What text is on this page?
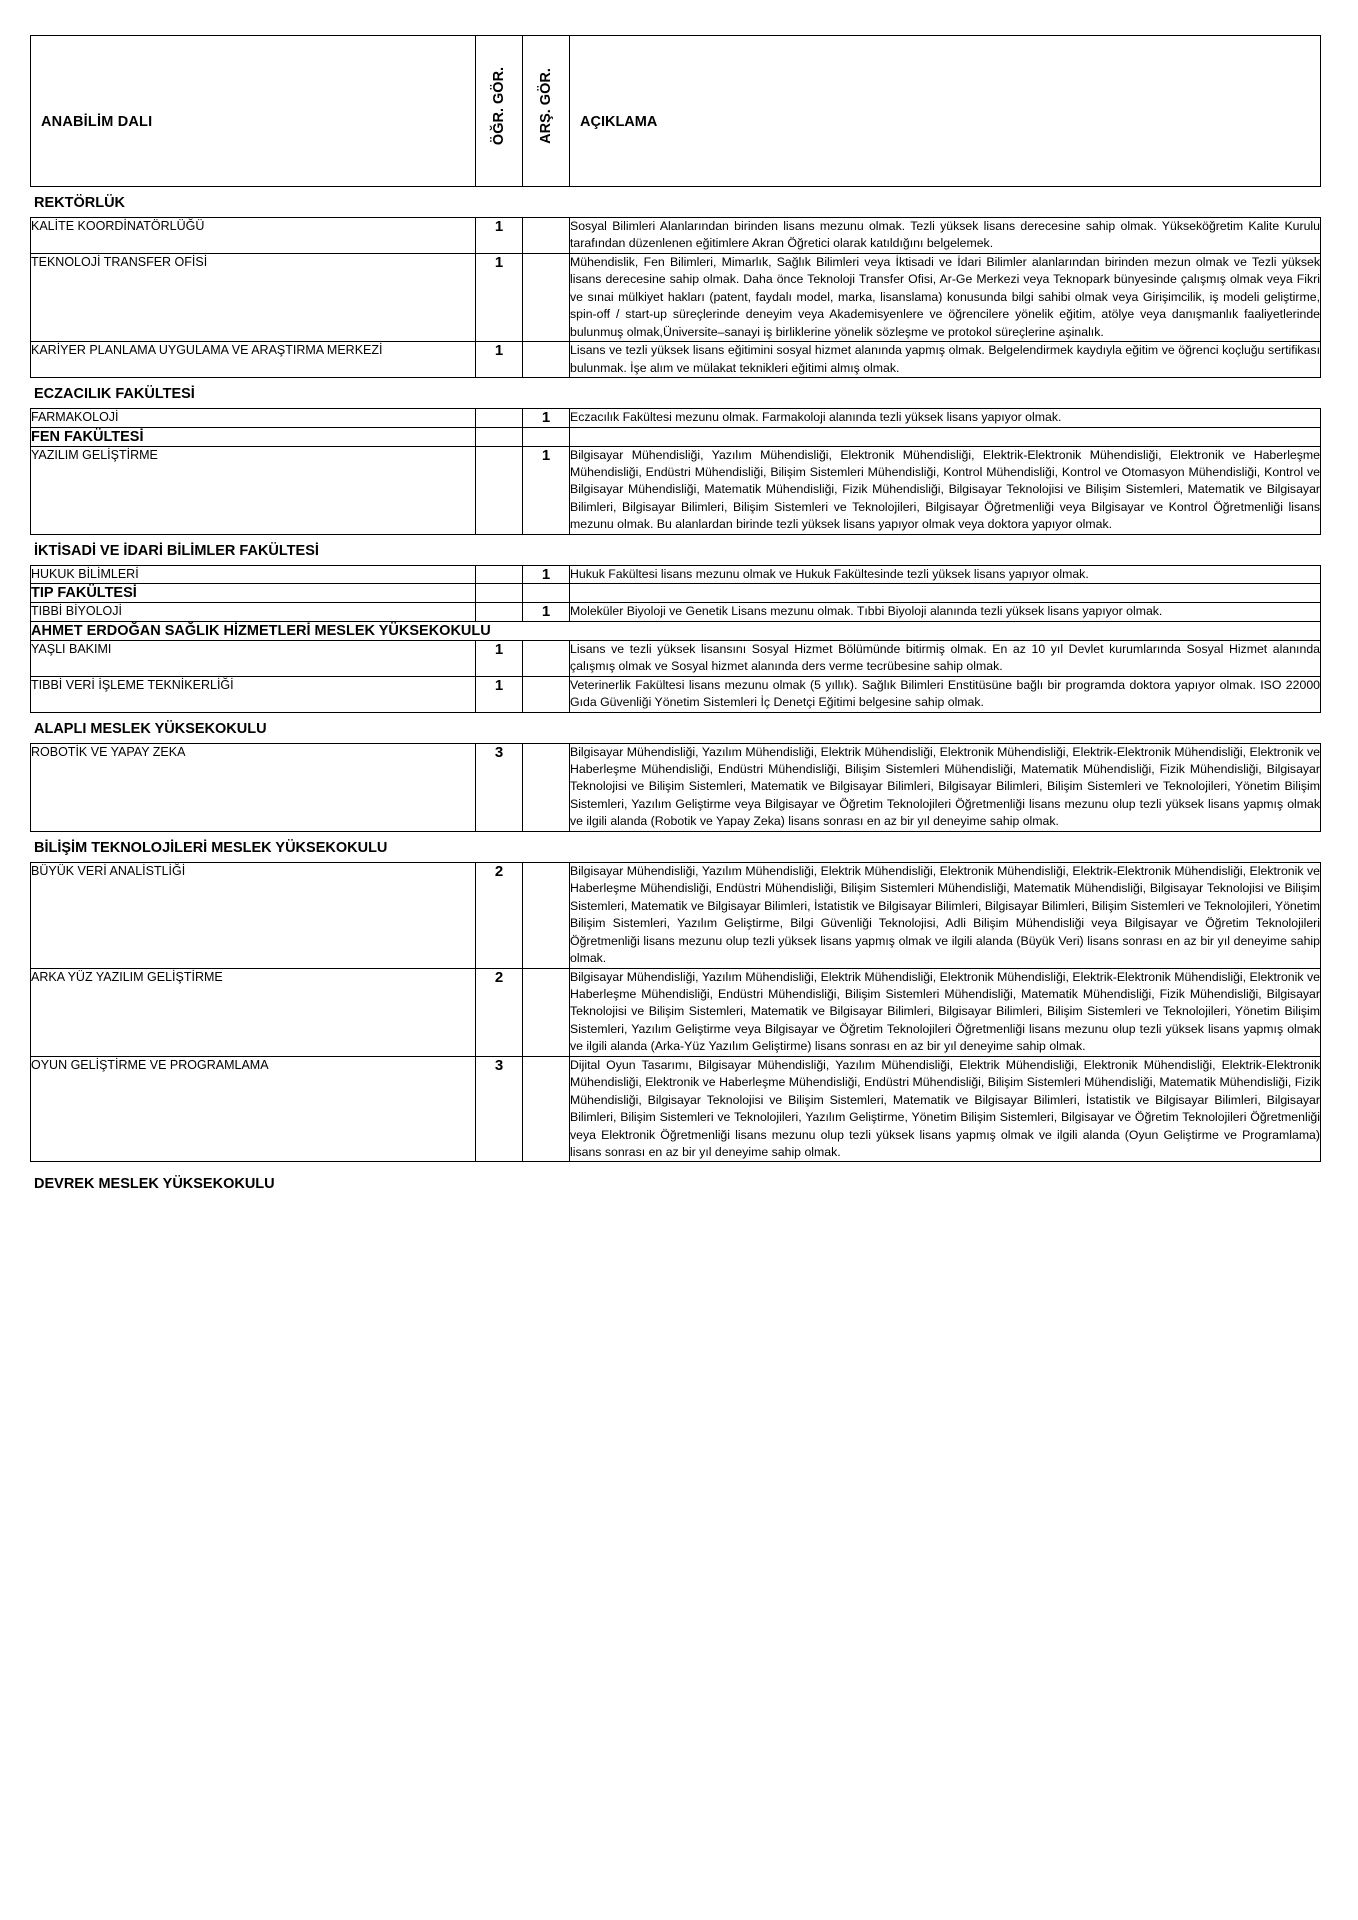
ANABİLİM DALI	ÖĞR. GÖR.	ARŞ. GÖR.	AÇIKLAMA
REKTÖRLÜK
KALİTE KOORDİNATÖRLÜĞÜ	1		Sosyal Bilimleri Alanlarından birinden lisans mezunu olmak. Tezli yüksek lisans derecesine sahip olmak. Yükseköğretim Kalite Kurulu tarafından düzenlenen eğitimlere Akran Öğretici olarak katıldığını belgelemek.
TEKNOLOJİ TRANSFER OFİSİ	1		Mühendislik, Fen Bilimleri, Mimarlık, Sağlık Bilimleri veya İktisadi ve İdari Bilimler alanlarından birinden mezun olmak ve Tezli yüksek lisans derecesine sahip olmak. Daha önce Teknoloji Transfer Ofisi, Ar-Ge Merkezi veya Teknopark bünyesinde çalışmış olmak veya Fikri ve sınai mülkiyet hakları (patent, faydalı model, marka, lisanslama) konusunda bilgi sahibi olmak veya Girişimcilik, iş modeli geliştirme, spin-off / start-up süreçlerinde deneyim veya Akademisyenlere ve öğrencilere yönelik eğitim, atölye veya danışmanlık faaliyetlerinde bulunmuş olmak,Üniversite–sanayi iş birliklerine yönelik sözleşme ve protokol süreçlerine aşinalık.
KARİYER PLANLAMA UYGULAMA VE ARAŞTIRMA MERKEZİ	1		Lisans ve tezli yüksek lisans eğitimini sosyal hizmet alanında yapmış olmak. Belgelendirmek kaydıyla eğitim ve öğrenci koçluğu sertifikası bulunmak. İşe alım ve mülakat teknikleri eğitimi almış olmak.
ECZACILIK FAKÜLTESİ
FARMAKOLOJİ		1	Eczacılık Fakültesi mezunu olmak. Farmakoloji alanında tezli yüksek lisans yapıyor olmak.
FEN FAKÜLTESİ			
YAZILIM GELİŞTİRME		1	Bilgisayar Mühendisliği, Yazılım Mühendisliği, Elektronik Mühendisliği, Elektrik-Elektronik Mühendisliği, Elektronik ve Haberleşme Mühendisliği, Endüstri Mühendisliği, Bilişim Sistemleri Mühendisliği, Kontrol Mühendisliği, Kontrol ve Otomasyon Mühendisliği, Kontrol ve Bilgisayar Mühendisliği, Matematik Mühendisliği, Fizik Mühendisliği, Bilgisayar Teknolojisi ve Bilişim Sistemleri, Matematik ve Bilgisayar Bilimleri, Bilgisayar Bilimleri, Bilişim Sistemleri ve Teknolojileri, Bilgisayar Öğretmenliği veya Bilgisayar ve Kontrol Öğretmenliği lisans mezunu olmak. Bu alanlardan birinde tezli yüksek lisans yapıyor olmak veya doktora yapıyor olmak.
İKTİSADİ VE İDARİ BİLİMLER FAKÜLTESİ
HUKUK BİLİMLERİ		1	Hukuk Fakültesi lisans mezunu olmak ve Hukuk Fakültesinde tezli yüksek lisans yapıyor olmak.
TIP FAKÜLTESİ			
TIBBİ BİYOLOJİ		1	Moleküler Biyoloji ve Genetik Lisans mezunu olmak. Tıbbi Biyoloji alanında tezli yüksek lisans yapıyor olmak.
AHMET ERDOĞAN SAĞLIK HİZMETLERİ MESLEK YÜKSEKOKULU			
YAŞLI BAKIMI	1		Lisans ve tezli yüksek lisansını Sosyal Hizmet Bölümünde bitirmiş olmak. En az 10 yıl Devlet kurumlarında Sosyal Hizmet alanında çalışmış olmak ve Sosyal hizmet alanında ders verme tecrübesine sahip olmak.
TIBBİ VERİ İŞLEME TEKNİKERLİĞİ	1		Veterinerlik Fakültesi lisans mezunu olmak (5 yıllık). Sağlık Bilimleri Enstitüsüne bağlı bir programda doktora yapıyor olmak. ISO 22000 Gıda Güvenliği Yönetim Sistemleri İç Denetçi Eğitimi belgesine sahip olmak.
ALAPLI MESLEK YÜKSEKOKULU
ROBOTİK VE YAPAY ZEKA	3		Bilgisayar Mühendisliği, Yazılım Mühendisliği, Elektrik Mühendisliği, Elektronik Mühendisliği, Elektrik-Elektronik Mühendisliği, Elektronik ve Haberleşme Mühendisliği, Endüstri Mühendisliği, Bilişim Sistemleri Mühendisliği, Matematik Mühendisliği, Fizik Mühendisliği, Bilgisayar Teknolojisi ve Bilişim Sistemleri, Matematik ve Bilgisayar Bilimleri, Bilgisayar Bilimleri, Bilişim Sistemleri ve Teknolojileri, Yönetim Bilişim Sistemleri, Yazılım Geliştirme veya Bilgisayar ve Öğretim Teknolojileri Öğretmenliği lisans mezunu olup tezli yüksek lisans yapmış olmak ve ilgili alanda (Robotik ve Yapay Zeka) lisans sonrası en az bir yıl deneyime sahip olmak.
BİLİŞİM TEKNOLOJİLERİ MESLEK YÜKSEKOKULU
BÜYÜK VERİ ANALİSTLİĞİ	2		Bilgisayar Mühendisliği, Yazılım Mühendisliği, Elektrik Mühendisliği, Elektronik Mühendisliği, Elektrik-Elektronik Mühendisliği, Elektronik ve Haberleşme Mühendisliği, Endüstri Mühendisliği, Bilişim Sistemleri Mühendisliği, Matematik Mühendisliği, Bilgisayar Teknolojisi ve Bilişim Sistemleri, Matematik ve Bilgisayar Bilimleri, İstatistik ve Bilgisayar Bilimleri, Bilgisayar Bilimleri, Bilişim Sistemleri ve Teknolojileri, Yönetim Bilişim Sistemleri, Yazılım Geliştirme, Bilgi Güvenliği Teknolojisi, Adli Bilişim Mühendisliği veya Bilgisayar ve Öğretim Teknolojileri Öğretmenliği lisans mezunu olup tezli yüksek lisans yapmış olmak ve ilgili alanda (Büyük Veri) lisans sonrası en az bir yıl deneyime sahip olmak.
ARKA YÜZ YAZILIM GELİŞTİRME	2		Bilgisayar Mühendisliği, Yazılım Mühendisliği, Elektrik Mühendisliği, Elektronik Mühendisliği, Elektrik-Elektronik Mühendisliği, Elektronik ve Haberleşme Mühendisliği, Endüstri Mühendisliği, Bilişim Sistemleri Mühendisliği, Matematik Mühendisliği, Fizik Mühendisliği, Bilgisayar Teknolojisi ve Bilişim Sistemleri, Matematik ve Bilgisayar Bilimleri, Bilgisayar Bilimleri, Bilişim Sistemleri ve Teknolojileri, Yönetim Bilişim Sistemleri, Yazılım Geliştirme veya Bilgisayar ve Öğretim Teknolojileri Öğretmenliği lisans mezunu olup tezli yüksek lisans yapmış olmak ve ilgili alanda (Arka-Yüz Yazılım Geliştirme) lisans sonrası en az bir yıl deneyime sahip olmak.
OYUN GELİŞTİRME VE PROGRAMLAMA	3		Dijital Oyun Tasarımı, Bilgisayar Mühendisliği, Yazılım Mühendisliği, Elektrik Mühendisliği, Elektronik Mühendisliği, Elektrik-Elektronik Mühendisliği, Elektronik ve Haberleşme Mühendisliği, Endüstri Mühendisliği, Bilişim Sistemleri Mühendisliği, Matematik Mühendisliği, Fizik Mühendisliği, Bilgisayar Teknolojisi ve Bilişim Sistemleri, Matematik ve Bilgisayar Bilimleri, İstatistik ve Bilgisayar Bilimleri, Bilgisayar Bilimleri, Bilişim Sistemleri ve Teknolojileri, Yazılım Geliştirme, Yönetim Bilişim Sistemleri, Bilgisayar ve Öğretim Teknolojileri Öğretmenliği veya Elektronik Öğretmenliği lisans mezunu olup tezli yüksek lisans yapmış olmak ve ilgili alanda (Oyun Geliştirme ve Programlama) lisans sonrası en az bir yıl deneyime sahip olmak.
DEVREK MESLEK YÜKSEKOKULU
